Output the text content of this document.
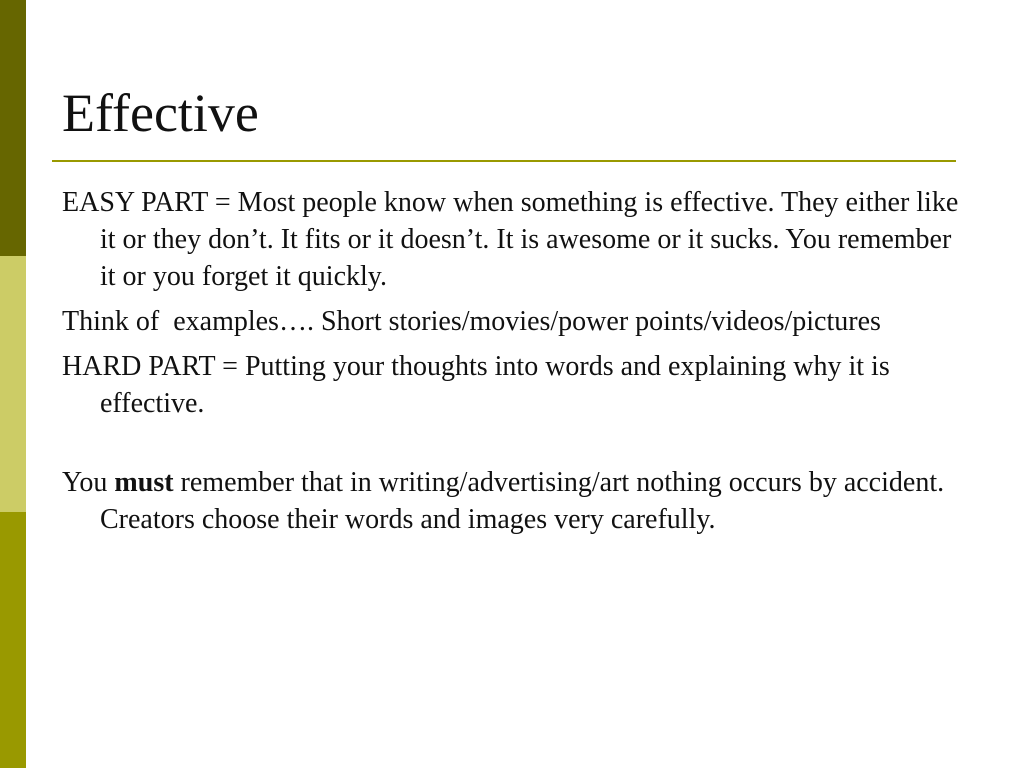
Effective

EASY PART = Most people know when something is effective. They either like it or they don’t. It fits or it doesn’t. It is awesome or it sucks. You remember it or you forget it quickly.

Think of  examples…. Short stories/movies/power points/videos/pictures

HARD PART = Putting your thoughts into words and explaining why it is effective.

You must remember that in writing/advertising/art nothing occurs by accident. Creators choose their words and images very carefully.
